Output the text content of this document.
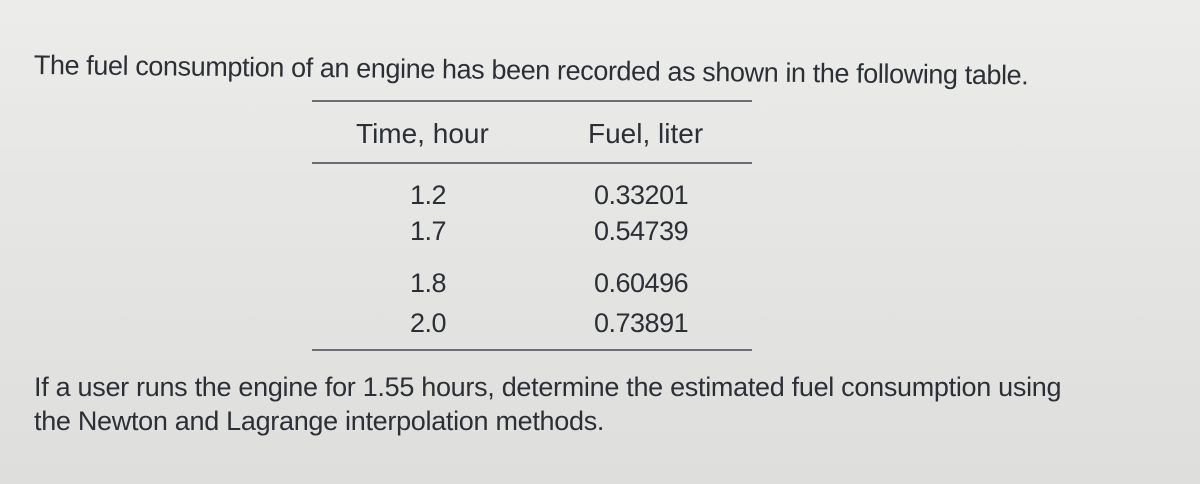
The fuel consumption of an engine has been recorded as shown in the following table.
Time, hour	Fuel, liter
1.2	0.33201
1.7	0.54739
1.8	0.60496
2.0	0.73891
If a user runs the engine for 1.55 hours, determine the estimated fuel consumption using
the Newton and Lagrange interpolation methods.
